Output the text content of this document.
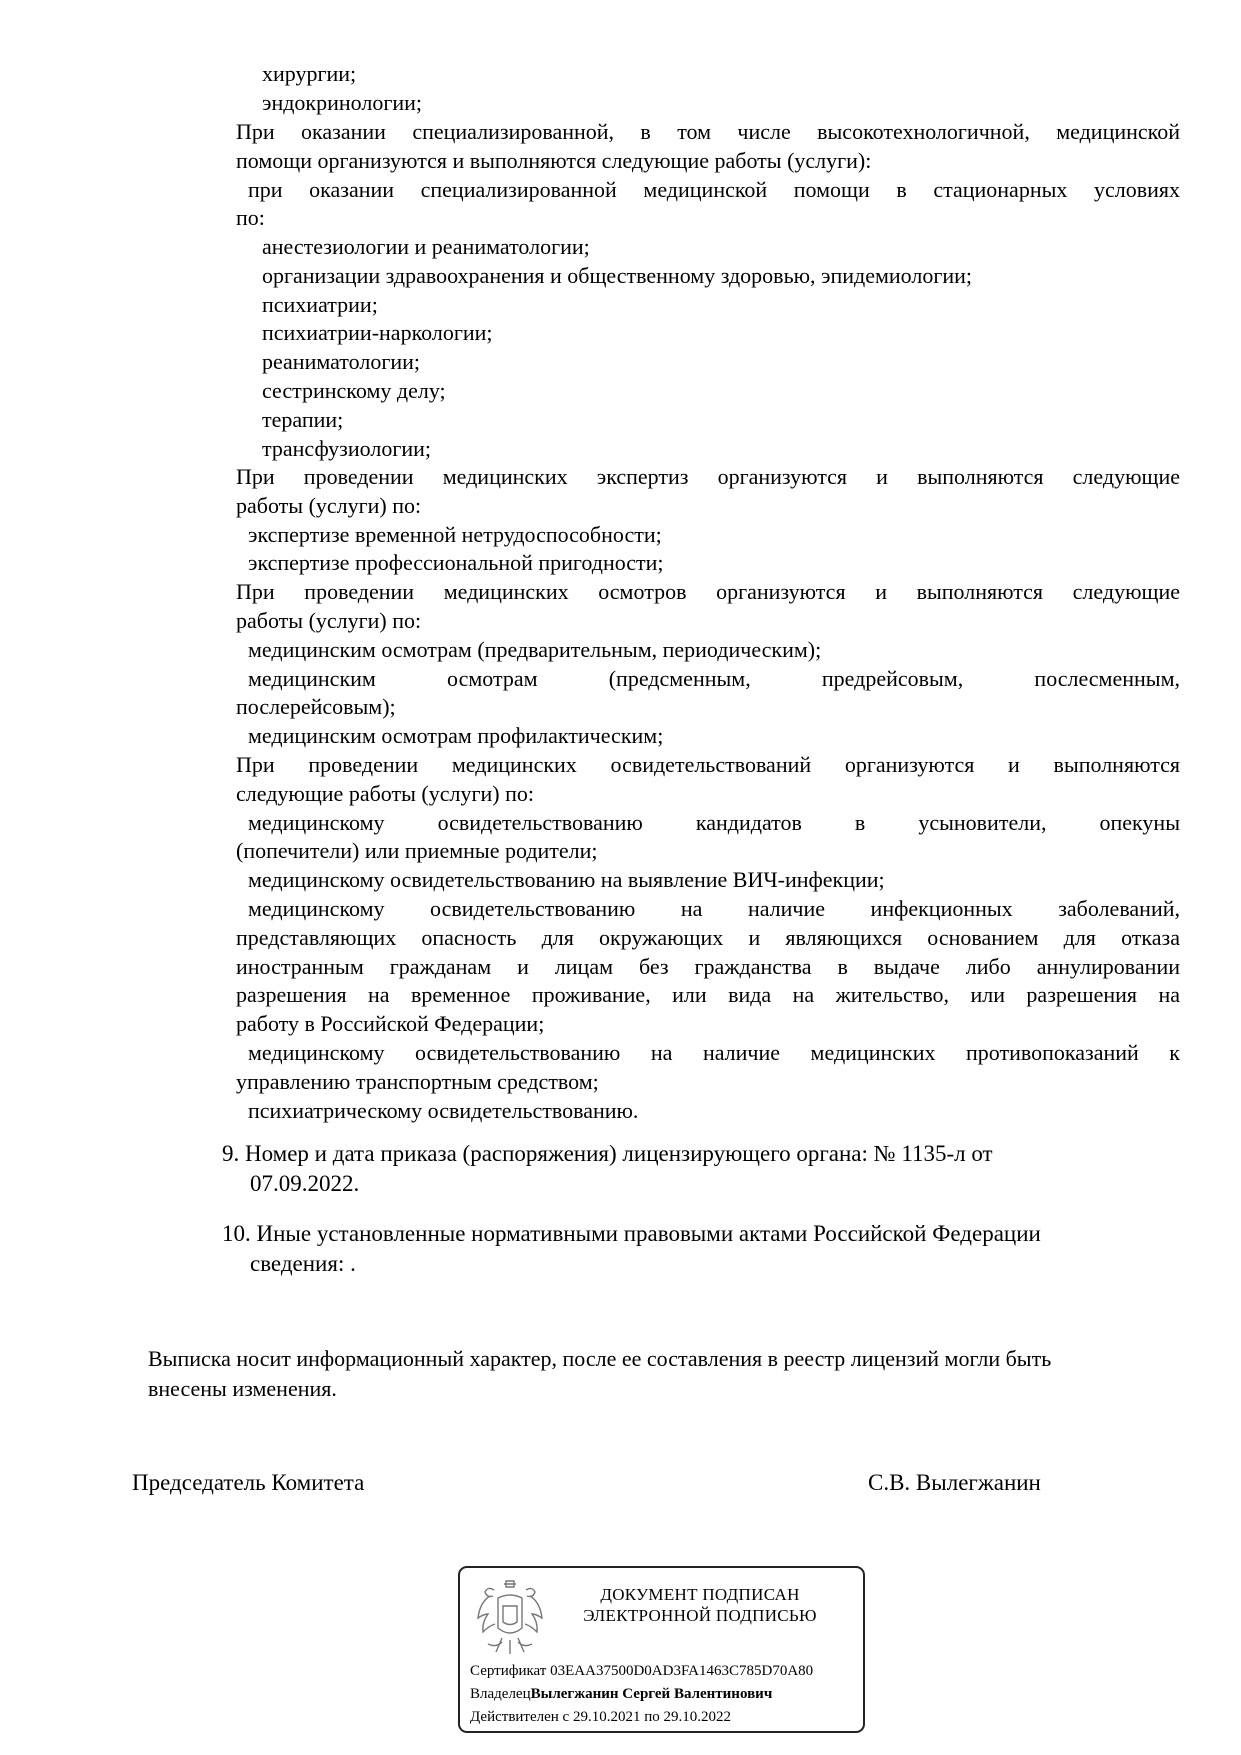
хирургии;
эндокринологии;
При оказании специализированной, в том числе высокотехнологичной, медицинской
помощи организуются и выполняются следующие работы (услуги):
при оказании специализированной медицинской помощи в стационарных условиях
по:
анестезиологии и реаниматологии;
организации здравоохранения и общественному здоровью, эпидемиологии;
психиатрии;
психиатрии-наркологии;
реаниматологии;
сестринскому делу;
терапии;
трансфузиологии;
При проведении медицинских экспертиз организуются и выполняются следующие
работы (услуги) по:
экспертизе временной нетрудоспособности;
экспертизе профессиональной пригодности;
При проведении медицинских осмотров организуются и выполняются следующие
работы (услуги) по:
медицинским осмотрам (предварительным, периодическим);
медицинским осмотрам (предсменным, предрейсовым, послесменным,
послерейсовым);
медицинским осмотрам профилактическим;
При проведении медицинских освидетельствований организуются и выполняются
следующие работы (услуги) по:
медицинскому освидетельствованию кандидатов в усыновители, опекуны
(попечители) или приемные родители;
медицинскому освидетельствованию на выявление ВИЧ-инфекции;
медицинскому освидетельствованию на наличие инфекционных заболеваний,
представляющих опасность для окружающих и являющихся основанием для отказа
иностранным гражданам и лицам без гражданства в выдаче либо аннулировании
разрешения на временное проживание, или вида на жительство, или разрешения на
работу в Российской Федерации;
медицинскому освидетельствованию на наличие медицинских противопоказаний к
управлению транспортным средством;
психиатрическому освидетельствованию.
9. Номер и дата приказа (распоряжения) лицензирующего органа: № 1135-л от
07.09.2022.
10. Иные установленные нормативными правовыми актами Российской Федерации
сведения: .
Выписка носит информационный характер, после ее составления в реестр лицензий могли быть
внесены изменения.
Председатель Комитета	С.В. Вылегжанин
ДОКУМЕНТ ПОДПИСАН
ЭЛЕКТРОННОЙ ПОДПИСЬЮ
Сертификат 03EAA37500D0AD3FA1463C785D70A80
ВладелецВылегжанин Сергей Валентинович
Действителен с 29.10.2021 по 29.10.2022
